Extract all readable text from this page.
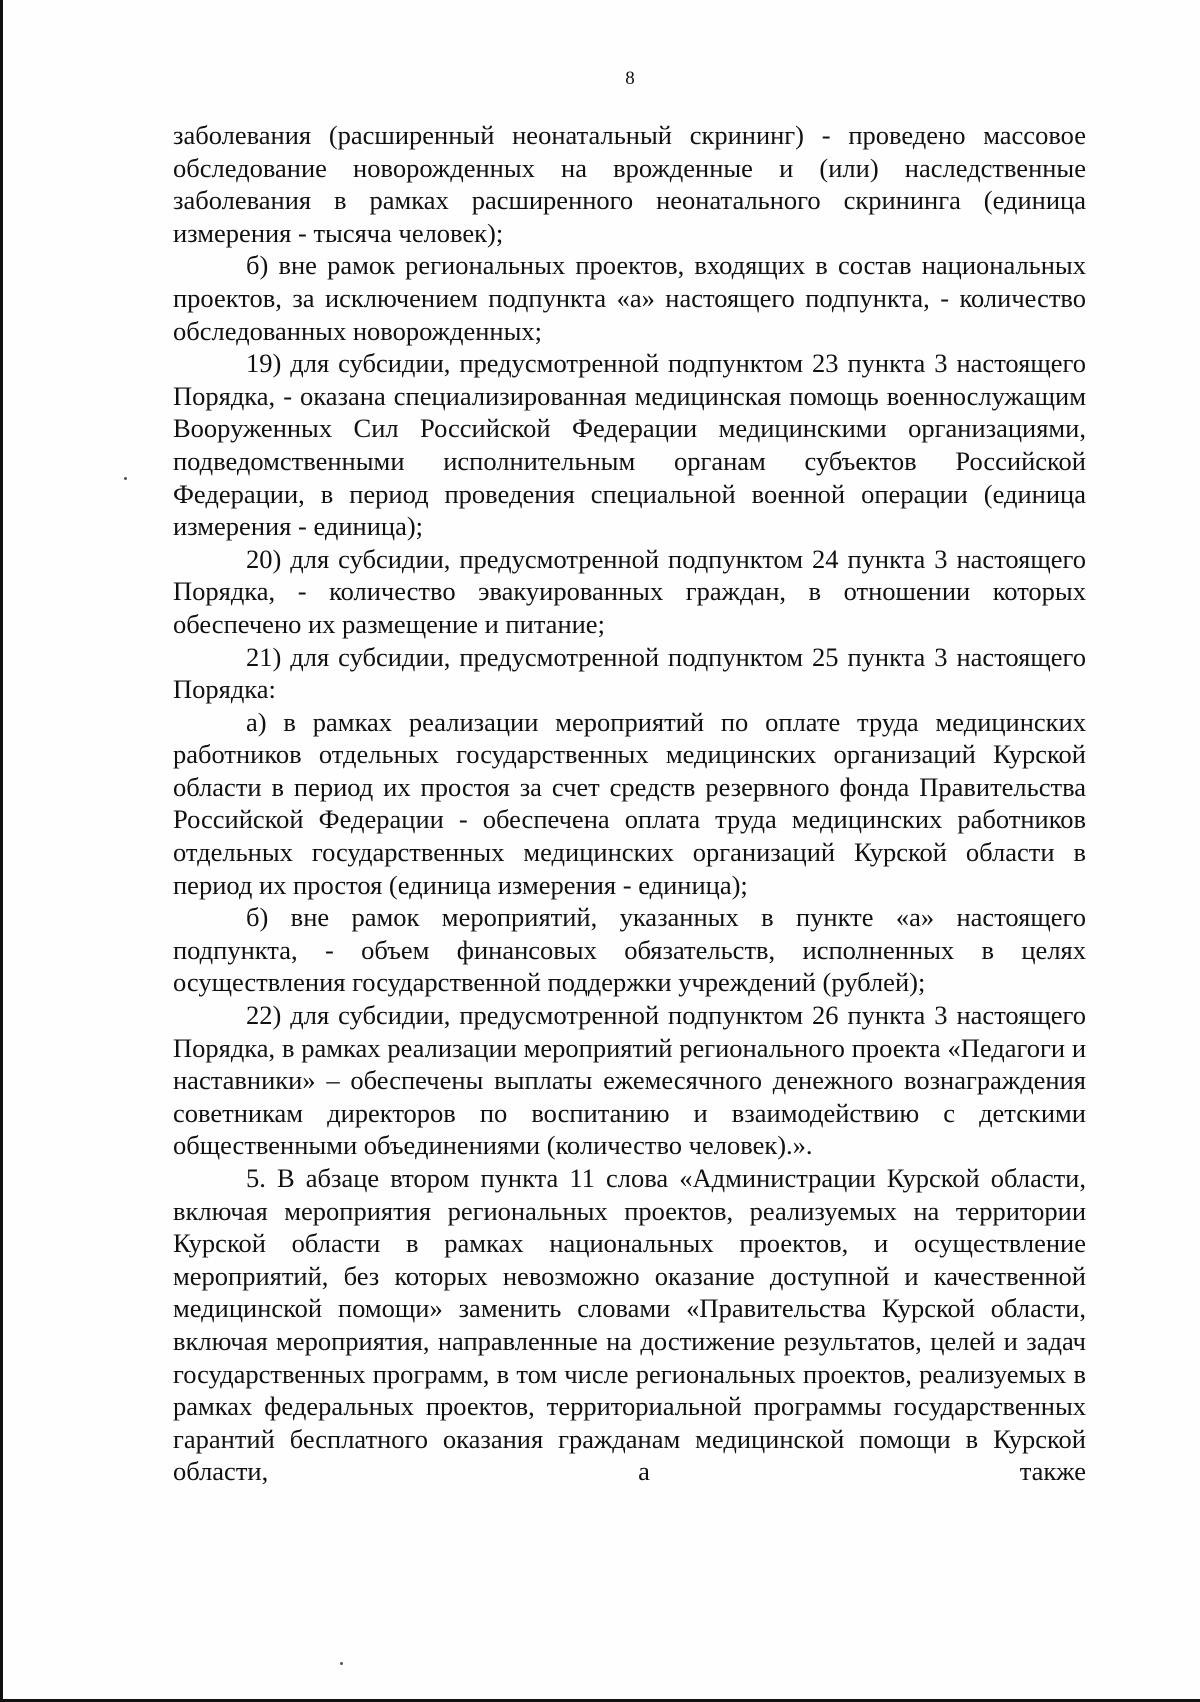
8

заболевания (расширенный неонатальный скрининг) - проведено массовое обследование новорожденных на врожденные и (или) наследственные заболевания в рамках расширенного неонатального скрининга (единица измерения - тысяча человек);

б) вне рамок региональных проектов, входящих в состав национальных проектов, за исключением подпункта «а» настоящего подпункта, - количество обследованных новорожденных;

19) для субсидии, предусмотренной подпунктом 23 пункта 3 настоящего Порядка, - оказана специализированная медицинская помощь военнослужащим Вооруженных Сил Российской Федерации медицинскими организациями, подведомственными исполнительным органам субъектов Российской Федерации, в период проведения специальной военной операции (единица измерения - единица);

20) для субсидии, предусмотренной подпунктом 24 пункта 3 настоящего Порядка, - количество эвакуированных граждан, в отношении которых обеспечено их размещение и питание;

21) для субсидии, предусмотренной подпунктом 25 пункта 3 настоящего Порядка:

а) в рамках реализации мероприятий по оплате труда медицинских работников отдельных государственных медицинских организаций Курской области в период их простоя за счет средств резервного фонда Правительства Российской Федерации - обеспечена оплата труда медицинских работников отдельных государственных медицинских организаций Курской области в период их простоя (единица измерения - единица);

б) вне рамок мероприятий, указанных в пункте «а» настоящего подпункта, - объем финансовых обязательств, исполненных в целях осуществления государственной поддержки учреждений (рублей);

22) для субсидии, предусмотренной подпунктом 26 пункта 3 настоящего Порядка, в рамках реализации мероприятий регионального проекта «Педагоги и наставники» – обеспечены выплаты ежемесячного денежного вознаграждения советникам директоров по воспитанию и взаимодействию с детскими общественными объединениями (количество человек).».

5. В абзаце втором пункта 11 слова «Администрации Курской области, включая мероприятия региональных проектов, реализуемых на территории Курской области в рамках национальных проектов, и осуществление мероприятий, без которых невозможно оказание доступной и качественной медицинской помощи» заменить словами «Правительства Курской области, включая мероприятия, направленные на достижение результатов, целей и задач государственных программ, в том числе региональных проектов, реализуемых в рамках федеральных проектов, территориальной программы государственных гарантий бесплатного оказания гражданам медицинской помощи в Курской области, а также
